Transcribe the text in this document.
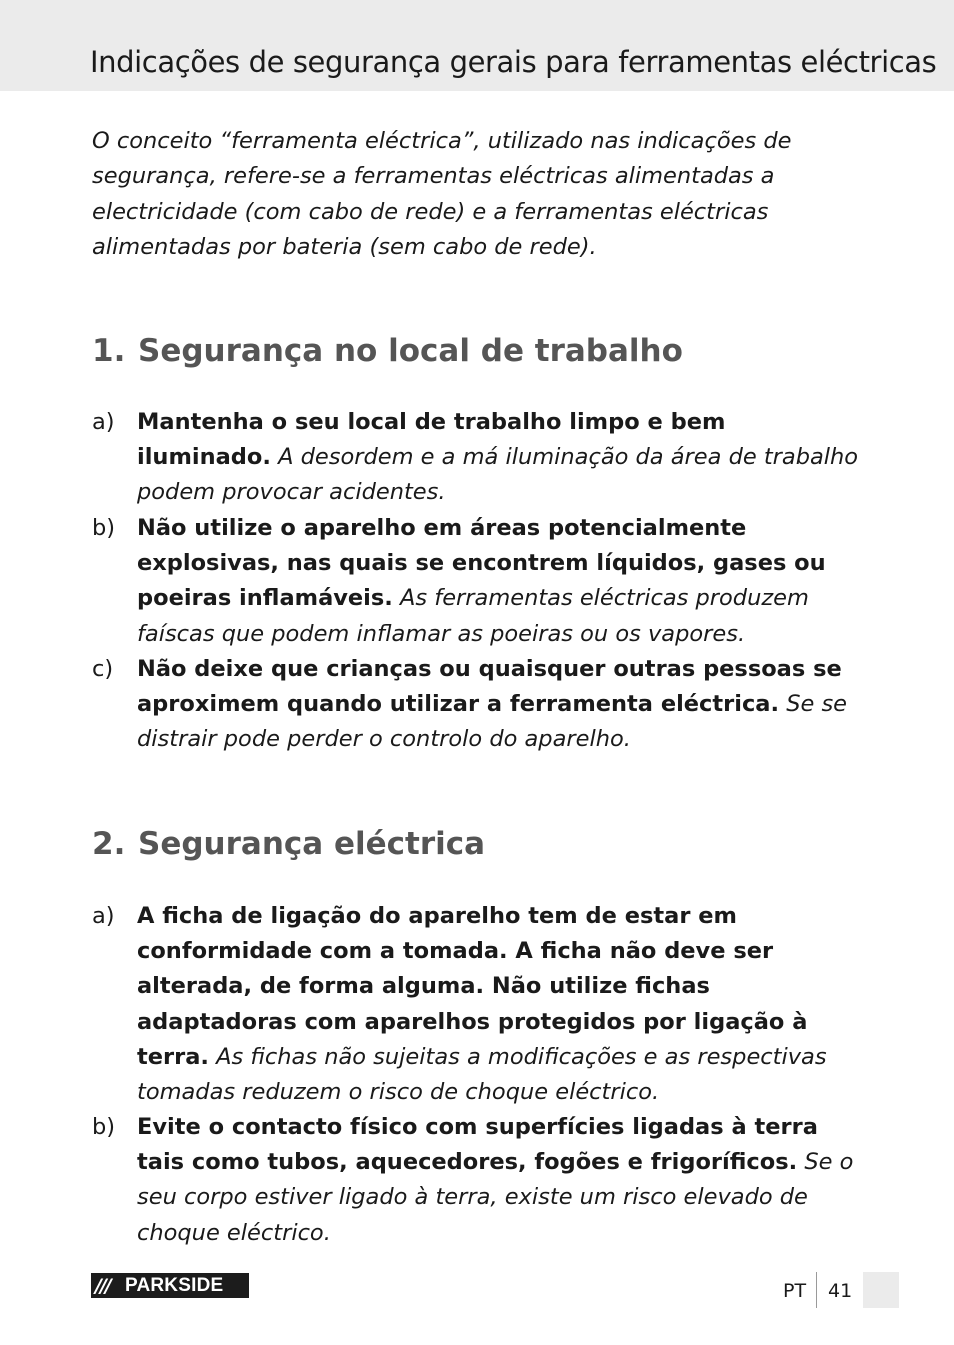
Indicações de segurança gerais para ferramentas eléctricas

O conceito “ferramenta eléctrica”, utilizado nas indicações de segurança, refere-se a ferramentas eléctricas alimentadas a electricidade (com cabo de rede) e a ferramentas eléctricas alimentadas por bateria (sem cabo de rede).

1. Segurança no local de trabalho
a) Mantenha o seu local de trabalho limpo e bem iluminado. A desordem e a má iluminação da área de trabalho podem provocar acidentes.

b) Não utilize o aparelho em áreas potencialmente explosivas, nas quais se encontrem líquidos, gases ou poeiras inflamáveis. As ferramentas eléctricas produzem faíscas que podem inflamar as poeiras ou os vapores.

c) Não deixe que crianças ou quaisquer outras pessoas se aproximem quando utilizar a ferramenta eléctrica. Se se distrair pode perder o controlo do aparelho.

2. Segurança eléctrica
a) A ficha de ligação do aparelho tem de estar em conformidade com a tomada. A ficha não deve ser alterada, de forma alguma. Não utilize fichas adaptadoras com aparelhos protegidos por ligação à terra. As fichas não sujeitas a modificações e as respectivas tomadas reduzem o risco de choque eléctrico.

b) Evite o contacto físico com superfícies ligadas à terra tais como tubos, aquecedores, fogões e frigoríficos. Se o seu corpo estiver ligado à terra, existe um risco elevado de choque eléctrico.

/// PARKSIDE	PT 41
